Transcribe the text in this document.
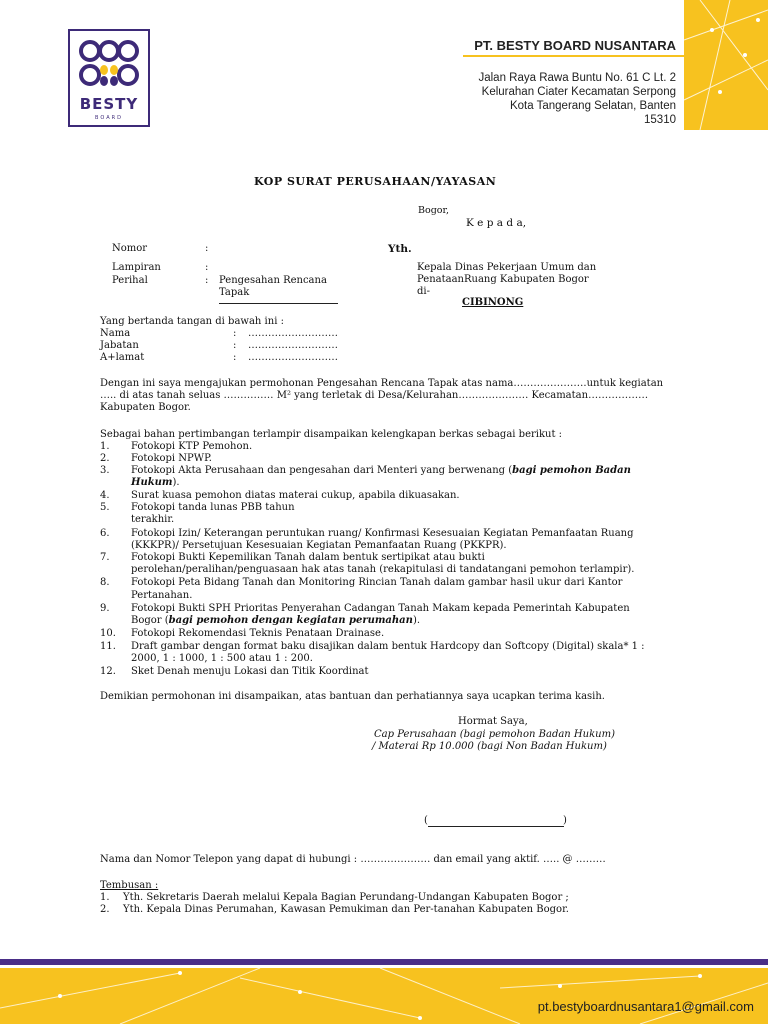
BESTY
BOARD
PT. BESTY BOARD NUSANTARA
Jalan Raya Rawa Buntu No. 61 C Lt. 2
Kelurahan Ciater Kecamatan Serpong
Kota Tangerang Selatan, Banten
15310
KOP SURAT PERUSAHAAN/YAYASAN
Bogor,
K e p a d a,
Nomor	:	Yth.
Lampiran	:
Perihal	: Pengesahan Rencana
Tapak
Kepala Dinas Pekerjaan Umum dan
PenataanRuang Kabupaten Bogor
di-
CIBINONG
Yang bertanda tangan di bawah ini :
Nama	: ………………………
Jabatan	: ………………………
A+lamat	: ………………………
Dengan ini saya mengajukan permohonan Pengesahan Rencana Tapak atas nama………………….untuk kegiatan
….. di atas tanah seluas …………… M² yang terletak di Desa/Kelurahan………………… Kecamatan………………
Kabupaten Bogor.
Sebagai bahan pertimbangan terlampir disampaikan kelengkapan berkas sebagai berikut :
1.	Fotokopi KTP Pemohon.
2.	Fotokopi NPWP.
3.	Fotokopi Akta Perusahaan dan pengesahan dari Menteri yang berwenang (bagi pemohon Badan
Hukum).
4.	Surat kuasa pemohon diatas materai cukup, apabila dikuasakan.
5.	Fotokopi tanda lunas PBB tahun
terakhir.
6.	Fotokopi Izin/ Keterangan peruntukan ruang/ Konfirmasi Kesesuaian Kegiatan Pemanfaatan Ruang
(KKKPR)/ Persetujuan Kesesuaian Kegiatan Pemanfaatan Ruang (PKKPR).
7.	Fotokopi Bukti Kepemilikan Tanah dalam bentuk sertipikat atau bukti
perolehan/peralihan/penguasaan hak atas tanah (rekapitulasi di tandatangani pemohon terlampir).
8.	Fotokopi Peta Bidang Tanah dan Monitoring Rincian Tanah dalam gambar hasil ukur dari Kantor
Pertanahan.
9.	Fotokopi Bukti SPH Prioritas Penyerahan Cadangan Tanah Makam kepada Pemerintah Kabupaten
Bogor (bagi pemohon dengan kegiatan perumahan).
10.	Fotokopi Rekomendasi Teknis Penataan Drainase.
11.	Draft gambar dengan format baku disajikan dalam bentuk Hardcopy dan Softcopy (Digital) skala* 1 :
2000, 1 : 1000, 1 : 500 atau 1 : 200.
12.	Sket Denah menuju Lokasi dan Titik Koordinat
Demikian permohonan ini disampaikan, atas bantuan dan perhatiannya saya ucapkan terima kasih.
Hormat Saya,
Cap Perusahaan (bagi pemohon Badan Hukum)
/ Materai Rp 10.000 (bagi Non Badan Hukum)
(	)
Nama dan Nomor Telepon yang dapat di hubungi : ………………… dan email yang aktif. ….. @ ………
Tembusan :
1.	Yth. Sekretaris Daerah melalui Kepala Bagian Perundang-Undangan Kabupaten Bogor ;
2.	Yth. Kepala Dinas Perumahan, Kawasan Pemukiman dan Per-tanahan Kabupaten Bogor.
pt.bestyboardnusantara1@gmail.com
